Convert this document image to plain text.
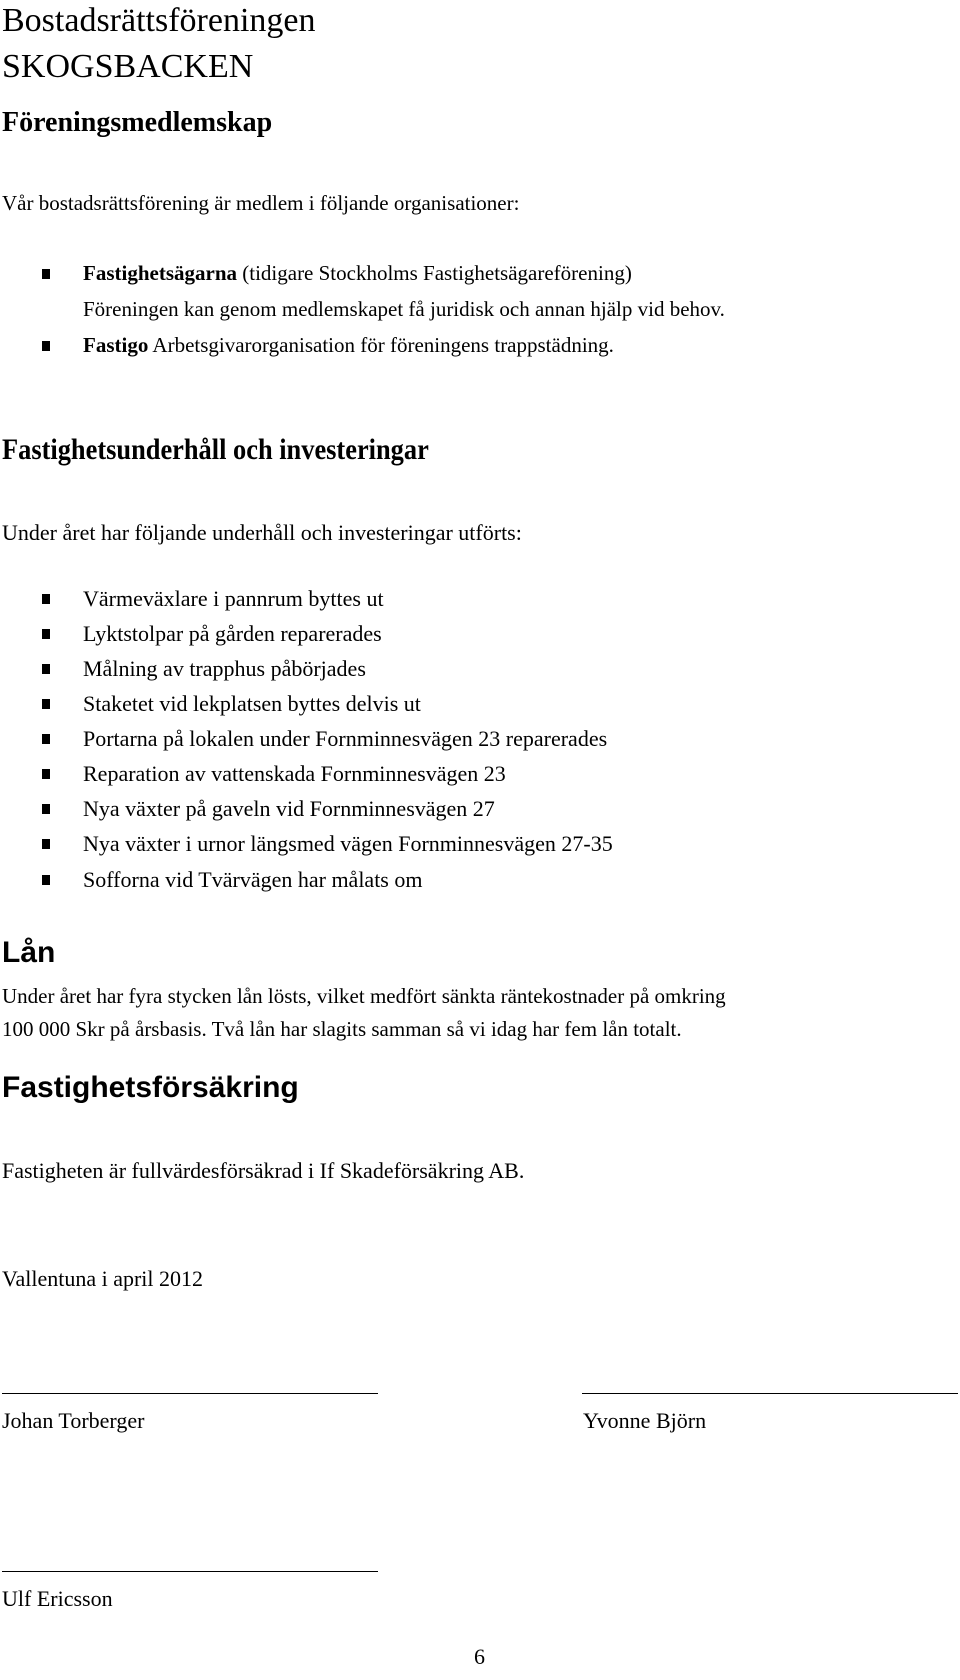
Bostadsrättsföreningen
SKOGSBACKEN
Föreningsmedlemskap
Vår bostadsrättsförening är medlem i följande organisationer:
Fastighetsägarna (tidigare Stockholms Fastighetsägareförening)
Föreningen kan genom medlemskapet få juridisk och annan hjälp vid behov.
Fastigo Arbetsgivarorganisation för föreningens trappstädning.
Fastighetsunderhåll och investeringar
Under året har följande underhåll och investeringar utförts:
Värmeväxlare i pannrum byttes ut
Lyktstolpar på gården reparerades
Målning av trapphus påbörjades
Staketet vid lekplatsen byttes delvis ut
Portarna på lokalen under Fornminnesvägen 23 reparerades
Reparation av vattenskada Fornminnesvägen 23
Nya växter på gaveln vid Fornminnesvägen 27
Nya växter i urnor längsmed vägen Fornminnesvägen 27-35
Sofforna vid Tvärvägen har målats om
Lån
Under året har fyra stycken lån lösts, vilket medfört sänkta räntekostnader på omkring
100 000 Skr på årsbasis. Två lån har slagits samman så vi idag har fem lån totalt.
Fastighetsförsäkring
Fastigheten är fullvärdesförsäkrad i If Skadeförsäkring AB.
Vallentuna i april 2012
Johan Torberger	Yvonne Björn
Ulf Ericsson
6
